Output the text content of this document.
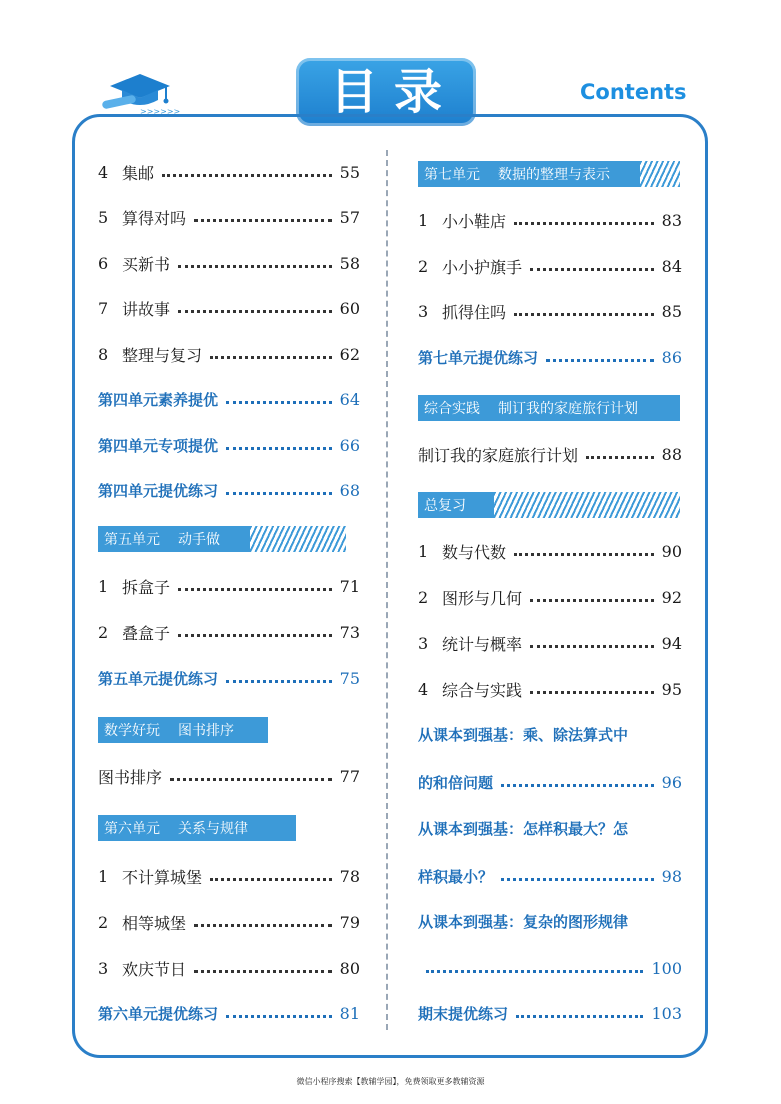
>>>>>>	目录	Contents
4 集邮	55
5 算得对吗	57
6 买新书	58
7 讲故事	60
8 整理与复习	62
第四单元素养提优	64
第四单元专项提优	66
第四单元提优练习	68
第五单元 动手做
1 拆盒子	71
2 叠盒子	73
第五单元提优练习	75
数学好玩 图书排序
图书排序	77
第六单元 关系与规律
1 不计算城堡	78
2 相等城堡	79
3 欢庆节日	80
第六单元提优练习	81
第七单元 数据的整理与表示
1 小小鞋店	83
2 小小护旗手	84
3 抓得住吗	85
第七单元提优练习	86
综合实践 制订我的家庭旅行计划
制订我的家庭旅行计划	88
总复习
1 数与代数	90
2 图形与几何	92
3 统计与概率	94
4 综合与实践	95
从课本到强基：乘、除法算式中
的和倍问题	96
从课本到强基：怎样积最大？怎
样积最小？	98
从课本到强基：复杂的图形规律
100
期末提优练习	103
微信小程序搜索【教辅学园】，免费领取更多教辅资源
